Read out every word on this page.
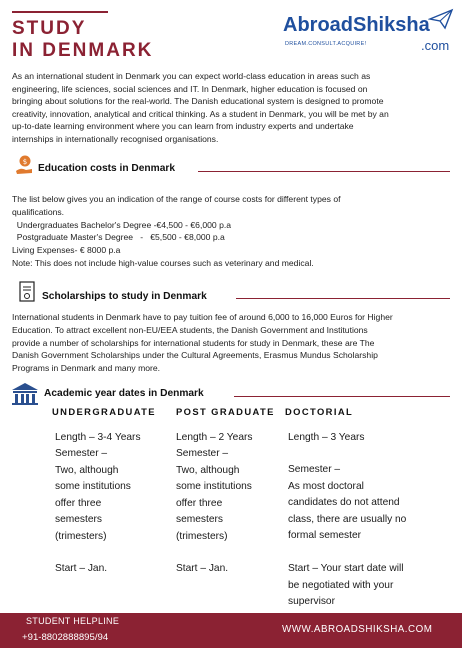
STUDY
IN DENMARK
AbroadShiksha
DREAM.CONSULT.ACQUIRE!	.com
As an international student in Denmark you can expect world-class education in areas such as
engineering, life sciences, social sciences and IT. In Denmark, higher education is focused on
bringing about solutions for the real-world. The Danish educational system is designed to promote
creativity, innovation, analytical and critical thinking. As a student in Denmark, you will be met by an
up-to-date learning environment where you can learn from industry experts and undertake
internships in internationally recognised organisations.
$
Education costs in Denmark
The list below gives you an indication of the range of course costs for different types of
qualifications.
Undergraduates Bachelor's Degree -€4,500 - €6,000 p.a
Postgraduate Master's Degree   -   €5,500 - €8,000 p.a
Living Expenses- € 8000 p.a
Note: This does not include high-value courses such as veterinary and medical.
Scholarships to study in Denmark
International students in Denmark have to pay tuition fee of around 6,000 to 16,000 Euros for Higher
Education. To attract excellent non-EU/EEA students, the Danish Government and Institutions
provide a number of scholarships for international students for study in Denmark, these are The
Danish Government Scholarships under the Cultural Agreements, Erasmus Mundus Scholarship
Programs in Denmark and many more.
Academic year dates in Denmark
UNDERGRADUATE POST GRADUATE DOCTORIAL
Length – 3-4 Years
Semester –
Two, although
some institutions
offer three
semesters
(trimesters)
Start – Jan.
Length – 2 Years
Semester –
Two, although
some institutions
offer three
semesters
(trimesters)
Start – Jan.
Length – 3 Years
Semester –
As most doctoral
candidates do not attend
class, there are usually no
formal semester
Start – Your start date will
be negotiated with your
supervisor
STUDENT HELPLINE
+91-8802888895/94
WWW.ABROADSHIKSHA.COM
